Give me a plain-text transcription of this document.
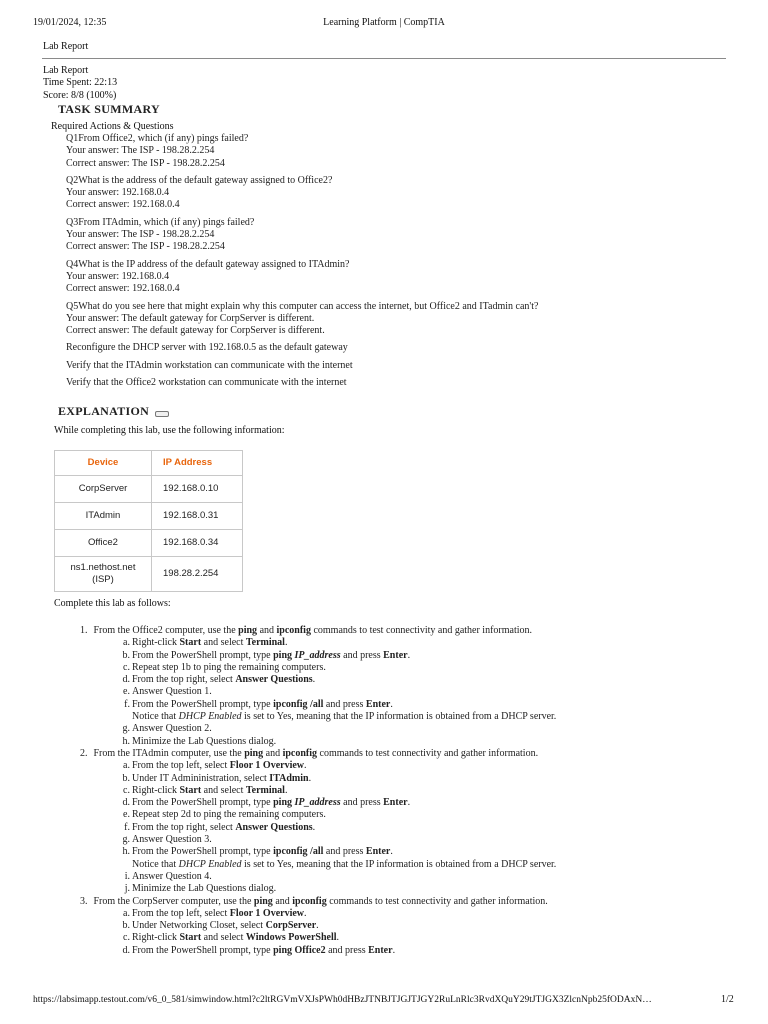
19/01/2024, 12:35	Learning Platform | CompTIA
Lab Report
Lab Report
Time Spent: 22:13
Score: 8/8 (100%)
TASK SUMMARY
Required Actions & Questions
Q1From Office2, which (if any) pings failed?
Your answer: The ISP - 198.28.2.254
Correct answer: The ISP - 198.28.2.254
Q2What is the address of the default gateway assigned to Office2?
Your answer: 192.168.0.4
Correct answer: 192.168.0.4
Q3From ITAdmin, which (if any) pings failed?
Your answer: The ISP - 198.28.2.254
Correct answer: The ISP - 198.28.2.254
Q4What is the IP address of the default gateway assigned to ITAdmin?
Your answer: 192.168.0.4
Correct answer: 192.168.0.4
Q5What do you see here that might explain why this computer can access the internet, but Office2 and ITadmin can't?
Your answer: The default gateway for CorpServer is different.
Correct answer: The default gateway for CorpServer is different.
Reconfigure the DHCP server with 192.168.0.5 as the default gateway
Verify that the ITAdmin workstation can communicate with the internet
Verify that the Office2 workstation can communicate with the internet
EXPLANATION
While completing this lab, use the following information:
Device	IP Address
CorpServer	192.168.0.10
ITAdmin	192.168.0.31
Office2	192.168.0.34
ns1.nethost.net (ISP)	198.28.2.254
Complete this lab as follows:
1. From the Office2 computer, use the ping and ipconfig commands to test connectivity and gather information.
a. Right-click Start and select Terminal.
b. From the PowerShell prompt, type ping IP_address and press Enter.
c. Repeat step 1b to ping the remaining computers.
d. From the top right, select Answer Questions.
e. Answer Question 1.
f. From the PowerShell prompt, type ipconfig /all and press Enter.
Notice that DHCP Enabled is set to Yes, meaning that the IP information is obtained from a DHCP server.
g. Answer Question 2.
h. Minimize the Lab Questions dialog.
2. From the ITAdmin computer, use the ping and ipconfig commands to test connectivity and gather information.
a. From the top left, select Floor 1 Overview.
b. Under IT Admininistration, select ITAdmin.
c. Right-click Start and select Terminal.
d. From the PowerShell prompt, type ping IP_address and press Enter.
e. Repeat step 2d to ping the remaining computers.
f. From the top right, select Answer Questions.
g. Answer Question 3.
h. From the PowerShell prompt, type ipconfig /all and press Enter.
Notice that DHCP Enabled is set to Yes, meaning that the IP information is obtained from a DHCP server.
i. Answer Question 4.
j. Minimize the Lab Questions dialog.
3. From the CorpServer computer, use the ping and ipconfig commands to test connectivity and gather information.
a. From the top left, select Floor 1 Overview.
b. Under Networking Closet, select CorpServer.
c. Right-click Start and select Windows PowerShell.
d. From the PowerShell prompt, type ping Office2 and press Enter.
https://labsimapp.testout.com/v6_0_581/simwindow.html?c2ltRGVmVXJsPWh0dHBzJTNBJTJGJTJGY2RuLnRlc3RvdXQuY29tJTJGX3ZlcnNpb25fODAxN…	1/2
